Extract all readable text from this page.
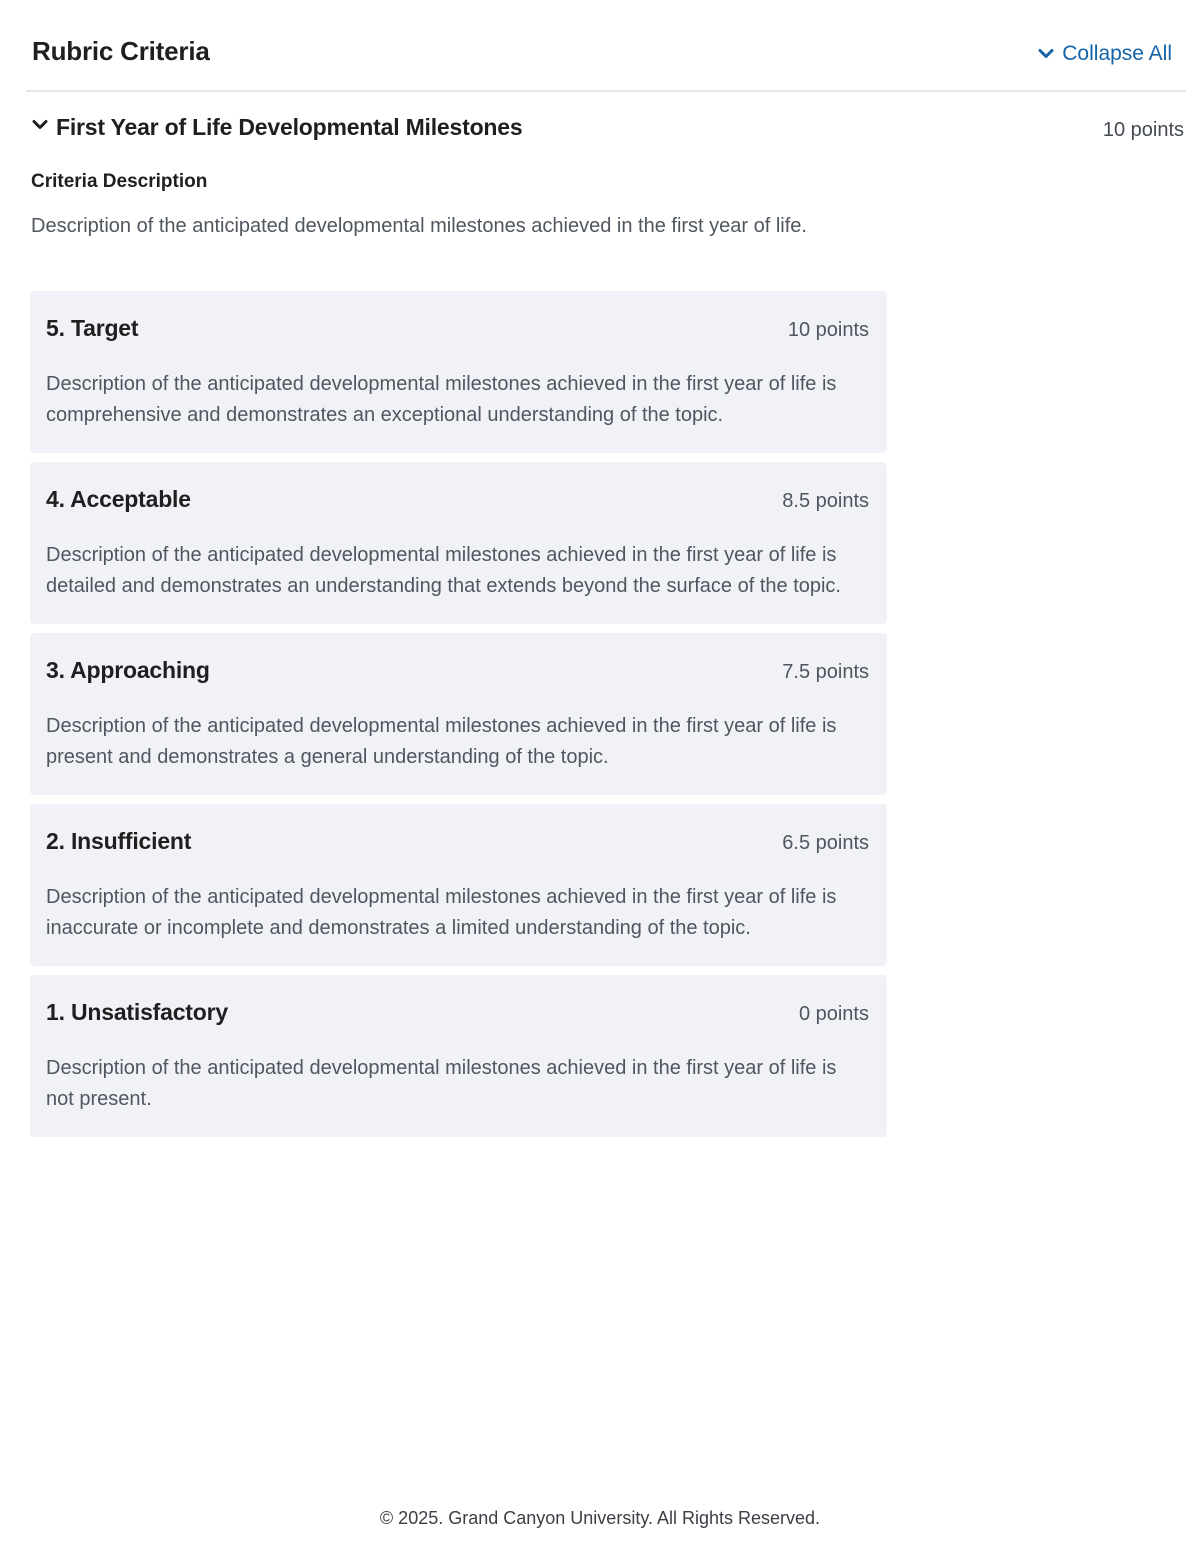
Rubric Criteria	Collapse All
First Year of Life Developmental Milestones	10 points
Criteria Description
Description of the anticipated developmental milestones achieved in the first year of life.
5. Target	10 points
Description of the anticipated developmental milestones achieved in the first year of life is comprehensive and demonstrates an exceptional understanding of the topic.
4. Acceptable	8.5 points
Description of the anticipated developmental milestones achieved in the first year of life is detailed and demonstrates an understanding that extends beyond the surface of the topic.
3. Approaching	7.5 points
Description of the anticipated developmental milestones achieved in the first year of life is present and demonstrates a general understanding of the topic.
2. Insufficient	6.5 points
Description of the anticipated developmental milestones achieved in the first year of life is inaccurate or incomplete and demonstrates a limited understanding of the topic.
1. Unsatisfactory	0 points
Description of the anticipated developmental milestones achieved in the first year of life is not present.
© 2025. Grand Canyon University. All Rights Reserved.
